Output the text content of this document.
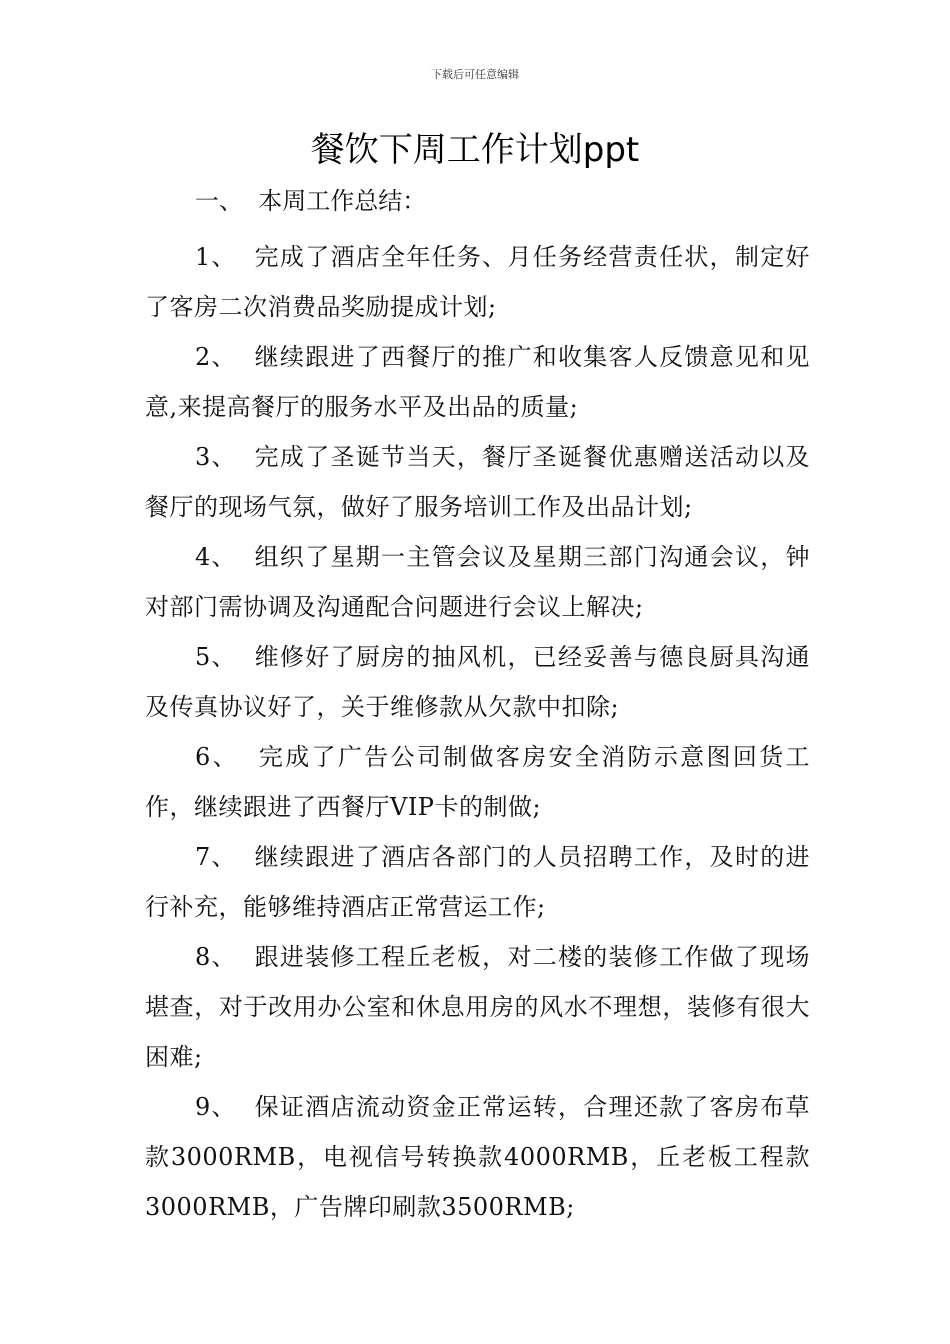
下载后可任意编辑
餐饮下周工作计划ppt
一、  本周工作总结：
1、  完成了酒店全年任务、月任务经营责任状，制定好了客房二次消费品奖励提成计划;
2、  继续跟进了西餐厅的推广和收集客人反馈意见和见意,来提高餐厅的服务水平及出品的质量;
3、  完成了圣诞节当天，餐厅圣诞餐优惠赠送活动以及餐厅的现场气氛，做好了服务培训工作及出品计划;
4、  组织了星期一主管会议及星期三部门沟通会议，钟对部门需协调及沟通配合问题进行会议上解决;
5、  维修好了厨房的抽风机，已经妥善与德良厨具沟通及传真协议好了，关于维修款从欠款中扣除;
6、  完成了广告公司制做客房安全消防示意图回货工作，继续跟进了西餐厅VIP卡的制做;
7、  继续跟进了酒店各部门的人员招聘工作，及时的进行补充，能够维持酒店正常营运工作;
8、  跟进装修工程丘老板，对二楼的装修工作做了现场堪查，对于改用办公室和休息用房的风水不理想，装修有很大困难;
9、  保证酒店流动资金正常运转，合理还款了客房布草款3000RMB，电视信号转换款4000RMB，丘老板工程款3000RMB，广告牌印刷款3500RMB;
